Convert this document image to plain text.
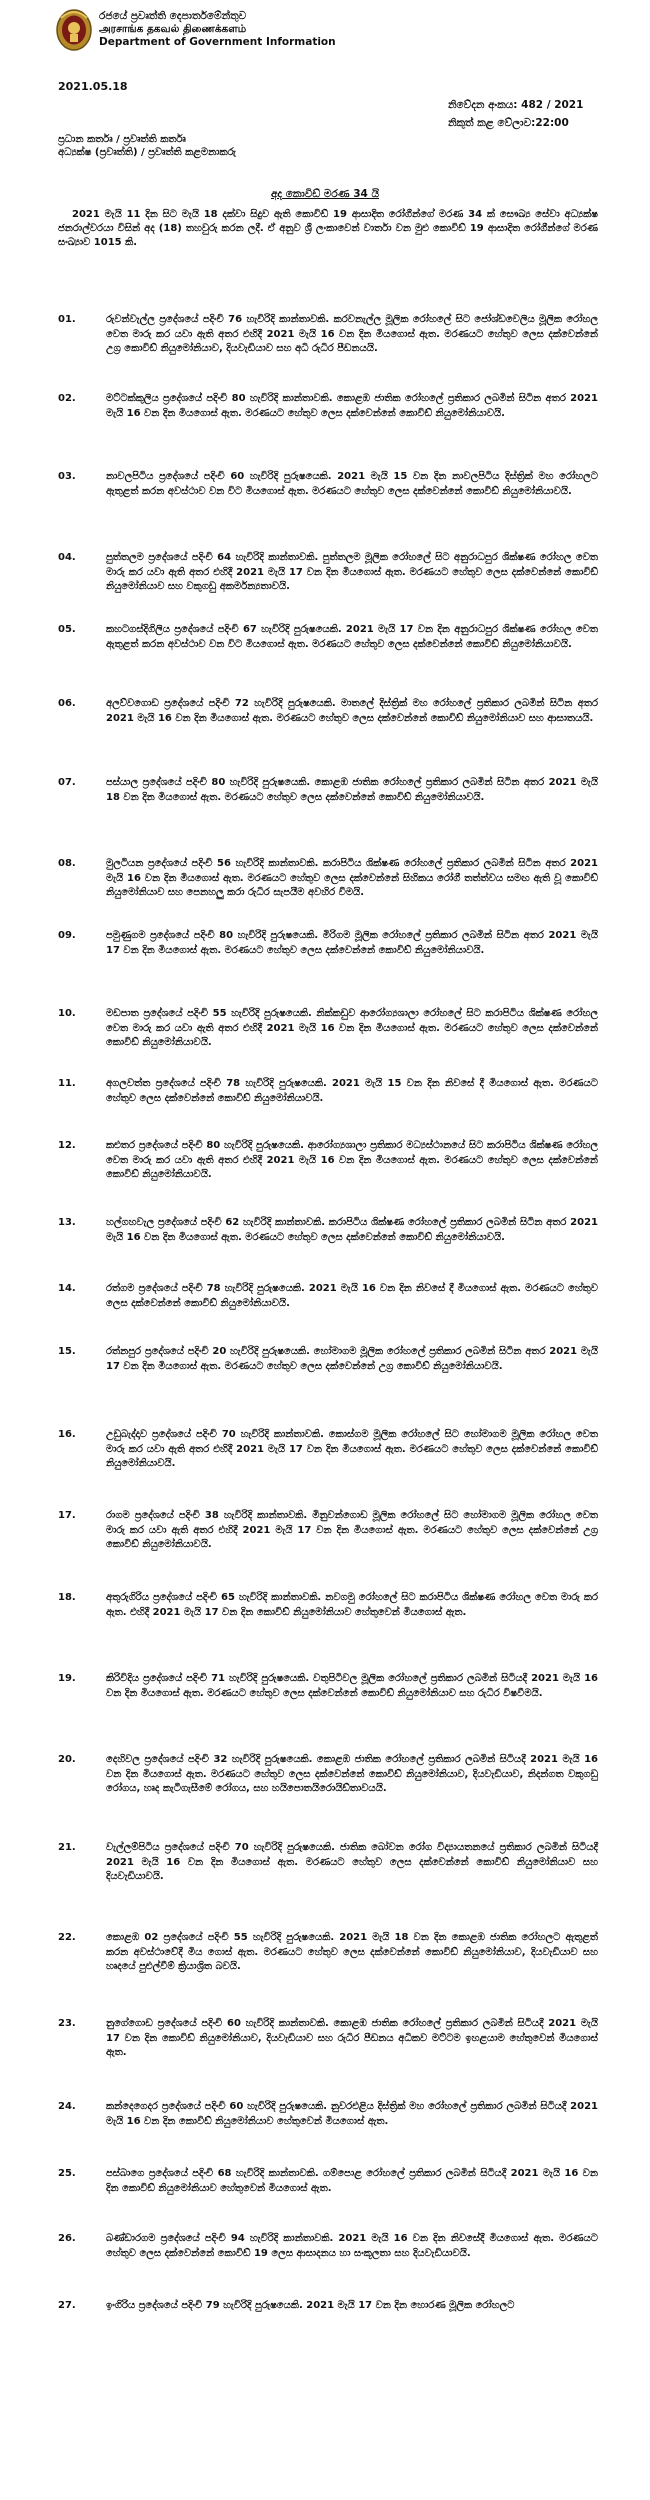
රජයේ ප්‍රවෘත්ති දෙපාර්තමේන්තුව
அரசாங்க தகவல் திணைக்களம்
Department of Government Information
2021.05.18
නිවේදන අංකය: 482 / 2021
නිකුත් කළ වේලාව:22:00
ප්‍රධාන කර්තෘ / ප්‍රවෘත්ති කර්තෘ
අධ්‍යක්ෂ (ප්‍රවෘත්ති) / ප්‍රවෘත්ති කළමනාකරු
අද කොවිඩ් මරණ 34 යි
2021 මැයි 11 දින සිට මැයි 18 දක්වා සිදුව ඇති කොවිඩ් 19 ආසාදිත රෝගීන්ගේ මරණ 34 ක් සෞඛ්‍ය සේවා අධ්‍යක්ෂ ජනරාල්වරයා විසින් අද (18) තහවුරු කරන ලදී. ඒ අනුව ශ්‍රී ලංකාවෙන් වාර්තා වන මුළු කොවිඩ් 19 ආසාදිත රෝගීන්ගේ මරණ සංඛ්‍යාව 1015 කි.
01.	රුවන්වැල්ල ප්‍රදේශයේ පදිංචි 76 හැවිරිදි කාන්තාවකි. කරවනැල්ල මූලික රෝහලේ සිට ජෝශ්ඩ‍වෙලිය මූලික රෝහල වෙත මාරු කර යවා ඇති අතර එහිදී 2021 මැයි 16 වන දින මියගොස් ඇත. මරණයට හේතුව ලෙස දක්වෙන්නේ උග්‍ර කොවිඩ් නියුමෝනියාව, දියවැඩියාව සහ අධි රුධිර පීඩනයයි.
02.	මට්ටක්කුලිය ප්‍රදේශයේ පදිංචි 80 හැවිරිදි කාන්තාවකි. කොළඹ ජාතික රෝහලේ ප්‍රතිකාර ලබමින් සිටින අතර 2021 මැයි 16 වන දින මියගොස් ඇත. මරණයට හේතුව ලෙස දක්වෙන්නේ කොවිඩ් නියුමෝනියාවයි.
03.	නාවලපිටිය ප්‍රදේශයේ පදිංචි 60 හැවිරිදි පුරුෂයෙකි. 2021 මැයි 15 වන දින නාවලපිටිය දිස්ත්‍රික් මහ රෝහලට ඇතුළත් කරන අවස්ථාව වන විට මියගොස් ඇත. මරණයට හේතුව ලෙස දක්වෙන්නේ කොවිඩ් නියුමෝනියාවයි.
04.	පුත්තලම ප්‍රදේශයේ පදිංචි 64 හැවිරිදි කාන්තාවකි. පුත්තලම මූලික රෝහලේ සිට අනුරාධපුර ශික්ෂණ රෝහල වෙත මාරු කර යවා ඇති අතර එහිදී 2021 මැයි 17 වන දින මියගොස් ඇත. මරණයට හේතුව ලෙස දක්වෙන්නේ කොවිඩ් නියුමෝනියාව සහ වකුගඩු අකර්මන්‍යතාවයි.
05.	කහටගස්දිගිලිය ප්‍රදේශයේ පදිංචි 67 හැවිරිදි පුරුෂයෙකි. 2021 මැයි 17 වන දින අනුරාධපුර ශික්ෂණ රෝහල වෙත ඇතුළත් කරන අවස්ථාව වන විට මියගොස් ඇත. මරණයට හේතුව ලෙස දක්වෙන්නේ කොවිඩ් නියුමෝනියාවයි.
06.	අලව්වගොඩ ප්‍රදේශයේ පදිංචි 72 හැවිරිදි පුරුෂයෙකි. මාතලේ දිස්ත්‍රික් මහ රෝහලේ ප්‍රතිකාර ලබමින් සිටින අතර 2021 මැයි 16 වන දින මියගොස් ඇත. මරණයට හේතුව ලෙස දක්වෙන්නේ කොවිඩ් නියුමෝනියාව සහ ආසාතයයි.
07.	පස්යාල ප්‍රදේශයේ පදිංචි 80 හැවිරිදි පුරුෂයෙකි. කොළඹ ජාතික රෝහලේ ප්‍රතිකාර ලබමින් සිටින අතර 2021 මැයි 18 වන දින මියගොස් ඇත. මරණයට හේතුව ලෙස දක්වෙන්නේ කොවිඩ් නියුමෝනියාවයි.
08.	මුලටියන ප්‍රදේශයේ පදිංචි 56 හැවිරිදි කාන්තාවකි. කරාපිටිය ශික්ෂණ රෝහලේ ප්‍රතිකාර ලබමින් සිටින අතර 2021 මැයි 16 වන දින මියගොස් ඇත. මරණයට හේතුව ලෙස දක්වෙන්නේ සිහිකය රෝගී තත්ත්වය සමඟ ඇති වූ කොවිඩ් නියුමෝනියාව සහ පෙනහලු කරා රුධිර සැපයීම අවහිර වීමයි.
09.	පමුණුගම ප්‍රදේශයේ පදිංචි 80 හැවිරිදි පුරුෂයෙකි. මිරිගම මූලික රෝහලේ ප්‍රතිකාර ලබමින් සිටින අතර 2021 මැයි 17 වන දින මියගොස් ඇත. මරණයට හේතුව ලෙස දක්වෙන්නේ කොවිඩ් නියුමෝනියාවයි.
10.	මඩපාත ප්‍රදේශයේ පදිංචි 55 හැවිරිදි පුරුෂයෙකි. නික්කඩුව ආරෝග්‍යශාලා රෝහලේ සිට කරාපිටිය ශික්ෂණ රෝහල වෙත මාරු කර යවා ඇති අතර එහිදී 2021 මැයි 16 වන දින මියගොස් ඇත. මරණයට හේතුව ලෙස දක්වෙන්නේ කොවිඩ් නියුමෝනියාවයි.
11.	අගලවත්ත ප්‍රදේශයේ පදිංචි 78 හැවිරිදි පුරුෂයෙකි. 2021 මැයි 15 වන දින නිවසේ දී මියගොස් ඇත. මරණයට හේතුව ලෙස දක්වෙන්නේ කොවිඩ් නියුමෝනියාවයි.
12.	කළුතර ප්‍රදේශයේ පදිංචි 80 හැවිරිදි පුරුෂයෙකි. ආරෝග්‍යශාලා ප්‍රතිකාර මධ්‍යස්ථානයේ සිට කරාපිටිය ශික්ෂණ රෝහල වෙත මාරු කර යවා ඇති අතර එහිදී 2021 මැයි 16 වන දින මියගොස් ඇත. මරණයට හේතුව ලෙස දක්වෙන්නේ කොවිඩ් නියුමෝනියාවයි.
13.	හල්ගහවැල ප්‍රදේශයේ පදිංචි 62 හැවිරිදි කාන්තාවකි. කරාපිටිය ශික්ෂණ රෝහලේ ප්‍රතිකාර ලබමින් සිටින අතර 2021 මැයි 16 වන දින මියගොස් ඇත. මරණයට හේතුව ලෙස දක්වෙන්නේ කොවිඩ් නියුමෝනියාවයි.
14.	රත්ගම ප්‍රදේශයේ පදිංචි 78 හැවිරිදි පුරුෂයෙකි. 2021 මැයි 16 වන දින නිවසේ දී මියගොස් ඇත. මරණයට හේතුව ලෙස දක්වෙන්නේ කොවිඩ් නියුමෝනියාවයි.
15.	රත්නපුර ප්‍රදේශයේ පදිංචි 20 හැවිරිදි පුරුෂයෙකි. හෝමාගම මූලික රෝහලේ ප්‍රතිකාර ලබමින් සිටින අතර 2021 මැයි 17 වන දින මියගොස් ඇත. මරණයට හේතුව ලෙස දක්වෙන්නේ උග්‍ර කොවිඩ් නියුමෝනියාවයි.
16.	උඩුබැද්දාව ප්‍රදේශයේ පදිංචි 70 හැවිරිදි කාන්තාවකි. කොස්ගම මූලික රෝහලේ සිට හෝමාගම මූලික රෝහල වෙත මාරු කර යවා ඇති අතර එහිදී 2021 මැයි 17 වන දින මියගොස් ඇත. මරණයට හේතුව ලෙස දක්වෙන්නේ කොවිඩ් නියුමෝනියාවයි.
17.	රාගම ප්‍රදේශයේ පදිංචි 38 හැවිරිදි කාන්තාවකි. මිනුවන්ගොඩ මූලික රෝහලේ සිට හෝමාගම මූලික රෝහල වෙත මාරු කර යවා ඇති අතර එහිදී 2021 මැයි 17 වන දින මියගොස් ඇත. මරණයට හේතුව ලෙස දක්වෙන්නේ උග්‍ර කොවිඩ් නියුමෝනියාවයි.
18.	අතුරුගිරිය ප්‍රදේශයේ පදිංචි 65 හැවිරිදි කාන්තාවකි. නවගමු රෝහලේ සිට කරාපිටිය ශික්ෂණ රෝහල වෙත මාරු කර ඇත. එහිදී 2021 මැයි 17 වන දින කොවිඩ් නියුමෝනියාව හේතුවෙන් මියගොස් ඇත.
19.	කිරිවිදිය ප්‍රදේශයේ පදිංචි 71 හැවිරිදි පුරුෂයෙකි. වතුපිටිවල මූලික රෝහලේ ප්‍රතිකාර ලබමින් සිටියදී 2021 මැයි 16 වන දින මියගොස් ඇත. මරණයට හේතුව ලෙස දක්වෙන්නේ කොවිඩ් නියුමෝනියාව සහ රුධිර විෂවීමයි.
20.	දෙහිවල ප්‍රදේශයේ පදිංචි 32 හැවිරිදි පුරුෂයෙකි. කොළඹ ජාතික රෝහලේ ප්‍රතිකාර ලබමින් සිටියදී 2021 මැයි 16 වන දින මියගොස් ඇත. මරණයට හේතුව ලෙස දක්වෙන්නේ කොවිඩ් නියුමෝනියාව, දියවැඩියාව, නිදන්ගත වකුගඩු රෝගය, හෘද කැටීගැසීමේ රෝගය, සහ හයිපොතයිරොයිඩ්තාවයයි.
21.	වැල්ලම්පිටිය ප්‍රදේශයේ පදිංචි 70 හැවිරිදි පුරුෂයෙකි. ජාතික බෝවන රෝග විද්‍යායතනයේ ප්‍රතිකාර ලබමින් සිටියදී 2021 මැයි 16 වන දින මියගොස් ඇත. මරණයට හේතුව ලෙස දක්වෙන්නේ කොවිඩ් නියුමෝනියාව සහ දියවැඩියාවයි.
22.	කොළඹ 02 ප්‍රදේශයේ පදිංචි 55 හැවිරිදි පුරුෂයෙකි. 2021 මැයි 18 වන දින කොළඹ ජාතික රෝහලට ඇතුළත් කරන අවස්ථාවේදී මිය ගොස් ඇත. මරණයට හේතුව ලෙස දක්වෙන්නේ කොවිඩ් නියුමෝනියාව, දියවැඩියාව සහ හෘදයේ පුළුල්වීම් ක්‍රියාශ්‍රිත බවයි.
23.	නුගේගොඩ ප්‍රදේශයේ පදිංචි 60 හැවිරිදි කාන්තාවකි. කොළඹ ජාතික රෝහලේ ප්‍රතිකාර ලබමින් සිටියදී 2021 මැයි 17 වන දින කොවිඩ් නියුමෝනියාව, දියවැඩියාව සහ රුධිර පීඩනය අධිකව මට්ටම ඉහළයාම හේතුවෙන් මියගොස් ඇත.
24.	කන්දෙගෙදර ප්‍රදේශයේ පදිංචි 60 හැවිරිදි පුරුෂයෙකි. නුවරඑළිය දිස්ත්‍රික් මහ රෝහලේ ප්‍රතිකාර ලබමින් සිටියදී 2021 මැයි 16 වන දින කොවිඩ් නියුමෝනියාව හේතුවෙන් මියගොස් ඇත.
25.	පස්බාගෙ ප්‍රදේශයේ පදිංචි 68 හැවිරිදි කාන්තාවකි. ගම්පොළ රෝහලේ ප්‍රතිකාර ලබමින් සිටියදී 2021 මැයි 16 වන දින කොවිඩ් නියුමෝනියාව හේතුවෙන් මියගොස් ඇත.
26.	බණ්ඩාරගම ප්‍රදේශයේ පදිංචි 94 හැවිරිදි කාන්තාවකි. 2021 මැයි 16 වන දින නිවසේදී මියගොස් ඇත. මරණයට හේතුව ලෙස දක්වෙන්නේ කොවිඩ් 19 ලෙස ආසාදනය හා සංකූලතා සහ දියවැඩියාවයි.
27.	ඉංගිරිය ප්‍රදේශයේ පදිංචි 79 හැවිරිදි පුරුෂයෙකි. 2021 මැයි 17 වන දින හොරණ මූලික රෝහලට
